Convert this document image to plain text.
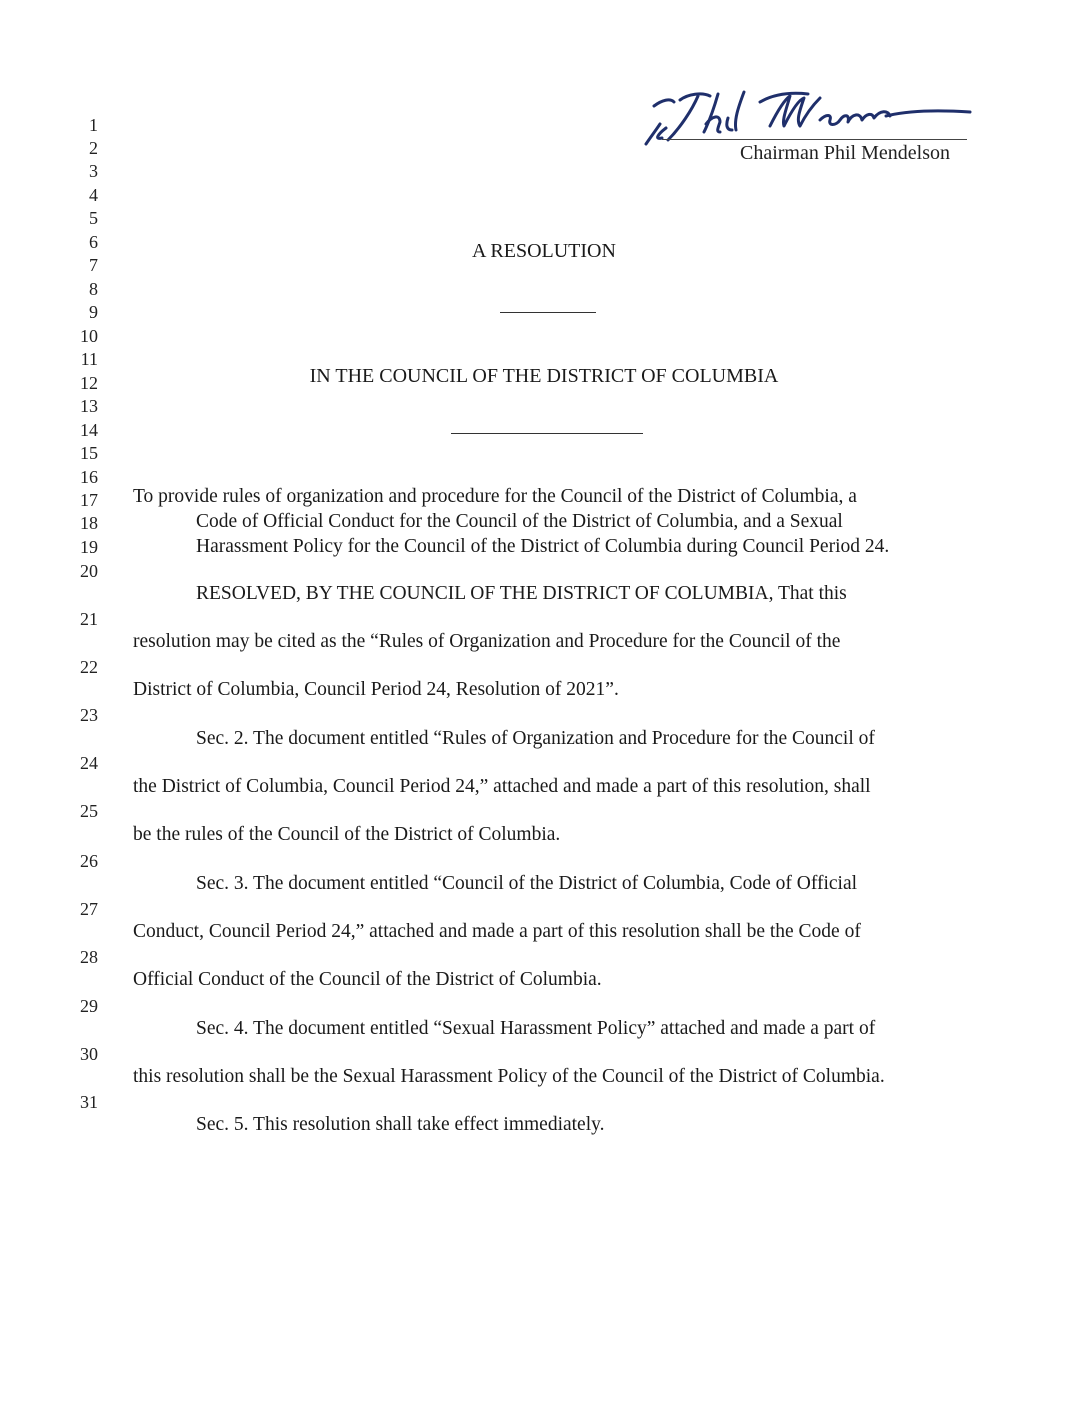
Chairman Phil Mendelson
1
2
3
4
5
6
7
8
9
10
11
12
13
14
15
16
17
18
19
20
21
22
23
24
25
26
27
28
29
30
31
A RESOLUTION
IN THE COUNCIL OF THE DISTRICT OF COLUMBIA
To provide rules of organization and procedure for the Council of the District of Columbia, a
Code of Official Conduct for the Council of the District of Columbia, and a Sexual
Harassment Policy for the Council of the District of Columbia during Council Period 24.
RESOLVED, BY THE COUNCIL OF THE DISTRICT OF COLUMBIA, That this
resolution may be cited as the “Rules of Organization and Procedure for the Council of the
District of Columbia, Council Period 24, Resolution of 2021”.
Sec. 2. The document entitled “Rules of Organization and Procedure for the Council of
the District of Columbia, Council Period 24,” attached and made a part of this resolution, shall
be the rules of the Council of the District of Columbia.
Sec. 3. The document entitled “Council of the District of Columbia, Code of Official
Conduct, Council Period 24,” attached and made a part of this resolution shall be the Code of
Official Conduct of the Council of the District of Columbia.
Sec. 4. The document entitled “Sexual Harassment Policy” attached and made a part of
this resolution shall be the Sexual Harassment Policy of the Council of the District of Columbia.
Sec. 5. This resolution shall take effect immediately.
